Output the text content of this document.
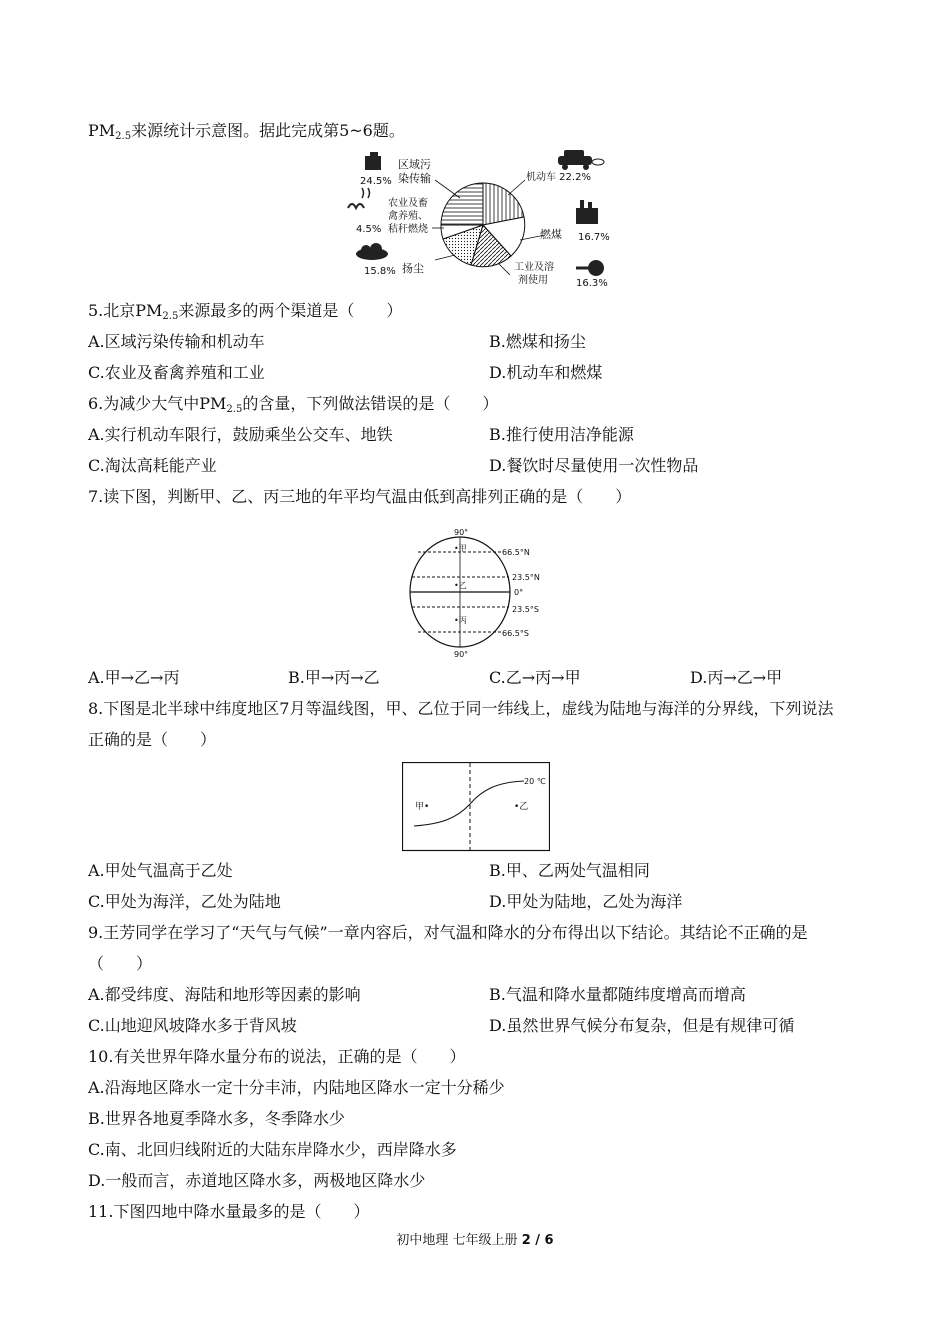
$PM_{2.5}$来源统计示意图。据此完成第5~6题。
区域污
染传输
24.5%
农业及畜
禽养殖、
秸秆燃烧
4.5%
扬尘
15.8%
机动车 22.2%
燃煤 16.7%
工业及溶
剂使用	16.3%
5.北京$PM_{2.5}$来源最多的两个渠道是（　　）
A.区域污染传输和机动车	B.燃煤和扬尘
C.农业及畜禽养殖和工业	D.机动车和燃煤
6.为减少大气中$PM_{2.5}$的含量，下列做法错误的是（　　）
A.实行机动车限行，鼓励乘坐公交车、地铁	B.推行使用洁净能源
C.淘汰高耗能产业	D.餐饮时尽量使用一次性物品
7.读下图，判断甲、乙、丙三地的年平均气温由低到高排列正确的是（　　）
90°
90°
66.5°N
23.5°N
0°
23.5°S
66.5°S
•甲
•乙
•丙
A.甲→乙→丙	B.甲→丙→乙	C.乙→丙→甲	D.丙→乙→甲
8.下图是北半球中纬度地区7月等温线图，甲、乙位于同一纬线上，虚线为陆地与海洋的分界线，下列说法
正确的是（　　）
20 ℃
甲•	•乙
A.甲处气温高于乙处	B.甲、乙两处气温相同
C.甲处为海洋，乙处为陆地	D.甲处为陆地，乙处为海洋
9.王芳同学在学习了“天气与气候”一章内容后，对气温和降水的分布得出以下结论。其结论不正确的是
（　　）
A.都受纬度、海陆和地形等因素的影响	B.气温和降水量都随纬度增高而增高
C.山地迎风坡降水多于背风坡	D.虽然世界气候分布复杂，但是有规律可循
10.有关世界年降水量分布的说法，正确的是（　　）
A.沿海地区降水一定十分丰沛，内陆地区降水一定十分稀少
B.世界各地夏季降水多，冬季降水少
C.南、北回归线附近的大陆东岸降水少，西岸降水多
D.一般而言，赤道地区降水多，两极地区降水少
11.下图四地中降水量最多的是（　　）
初中地理 七年级上册 2 / 6
